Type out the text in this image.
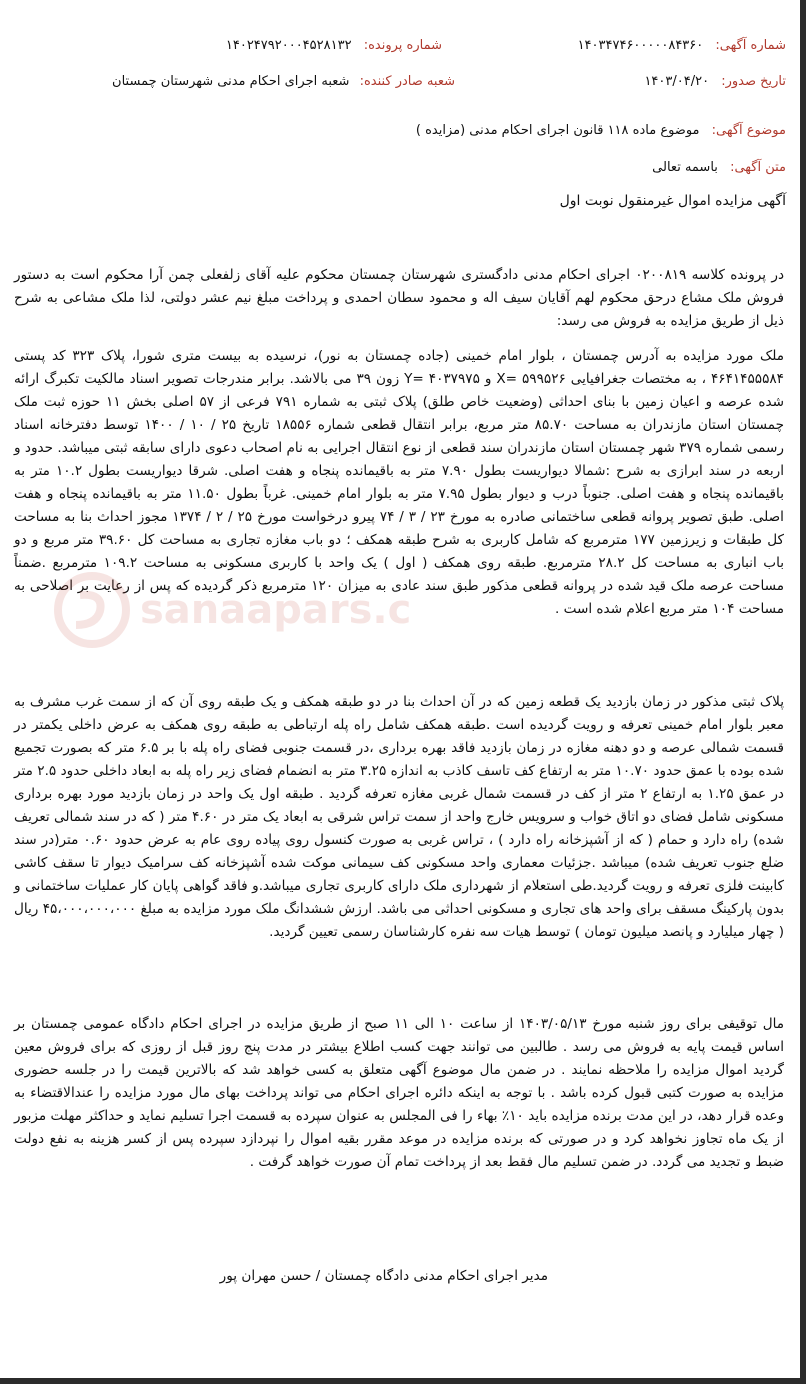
شماره آگهی: ۱۴۰۳۴۷۴۶۰۰۰۰۰۸۴۳۶۰
شماره پرونده: ۱۴۰۲۴۷۹۲۰۰۰۴۵۲۸۱۳۲
تاریخ صدور: ۱۴۰۳/۰۴/۲۰
شعبه صادر کننده: شعبه اجرای احکام مدنی شهرستان چمستان
موضوع آگهی: موضوع ماده ۱۱۸ قانون اجرای احکام مدنی (مزایده )
متن آگهی: باسمه تعالی
آگهی مزایده اموال غیرمنقول نوبت اول
در پرونده کلاسه ۰۲۰۰۸۱۹ اجرای احکام مدنی دادگستری شهرستان چمستان محکوم علیه آقای زلفعلی چمن آرا محکوم است به دستور فروش ملک مشاع درحق محکوم لهم آقایان سیف اله و محمود سطان احمدی و پرداخت مبلغ نیم عشر دولتی، لذا ملک مشاعی به شرح ذیل از طریق مزایده به فروش می رسد:
ملک مورد مزایده به آدرس چمستان ، بلوار امام خمینی (جاده چمستان به نور)، نرسیده به بیست متری شورا، پلاک ۳۲۳ کد پستی ۴۶۴۱۴۵۵۵۸۴ ، به مختصات جغرافیایی ۵۹۹۵۲۶ =X و ۴۰۳۷۹۷۵ =Y زون ۳۹ می بالاشد. برابر مندرجات تصویر اسناد مالکیت تکبرگ ارائه شده عرصه و اعیان زمین با بنای احداثی (وضعیت خاص طلق) پلاک ثبتی به شماره ۷۹۱ فرعی از ۵۷ اصلی بخش ۱۱ حوزه ثبت ملک چمستان استان مازندران به مساحت ۸۵.۷۰ متر مربع، برابر انتقال قطعی شماره ۱۸۵۵۶ تاریخ ۲۵ / ۱۰ / ۱۴۰۰ توسط دفترخانه اسناد رسمی شماره ۳۷۹ شهر چمستان استان مازندران سند قطعی از نوع انتقال اجرایی به نام اصحاب دعوی دارای سابقه ثبتی میباشد. حدود و اربعه در سند ابرازی به شرح :شمالا دیواریست بطول ۷.۹۰ متر به باقیمانده پنجاه و هفت اصلی. شرقا دیواریست بطول ۱۰.۲ متر به باقیمانده پنجاه و هفت اصلی. جنوباً درب و دیوار بطول ۷.۹۵ متر به بلوار امام خمینی. غرباً بطول ۱۱.۵۰ متر به باقیمانده پنجاه و هفت اصلی. طبق تصویر پروانه قطعی ساختمانی صادره به مورخ ۲۳ / ۳ / ۷۴ پیرو درخواست مورخ ۲۵ / ۲ / ۱۳۷۴ مجوز احداث بنا به مساحت کل طبقات و زیرزمین ۱۷۷ مترمربع که شامل کاربری به شرح طبقه همکف ؛ دو باب مغازه تجاری به مساحت کل ۳۹.۶۰ متر مربع و دو باب انباری به مساحت کل ۲۸.۲ مترمربع. طبقه روی همکف ( اول ) یک واحد با کاربری مسکونی به مساحت ۱۰۹.۲ مترمربع .ضمناً مساحت عرصه ملک قید شده در پروانه قطعی مذکور طبق سند عادی به میزان ۱۲۰ مترمربع ذکر گردیده که پس از رعایت بر اصلاحی به مساحت ۱۰۴ متر مربع اعلام شده است .
پلاک ثبتی مذکور در زمان بازدید یک قطعه زمین که در آن احداث بنا در دو طبقه همکف و یک طبقه روی آن که از سمت غرب مشرف به معبر بلوار امام خمینی تعرفه و رویت گردیده است .طبقه همکف شامل راه پله ارتباطی به طبقه روی همکف به عرض داخلی یکمتر در قسمت شمالی عرصه و دو دهنه مغازه در زمان بازدید فاقد بهره برداری ،در قسمت جنوبی فضای راه پله با بر ۶.۵ متر که بصورت تجمیع شده بوده با عمق حدود ۱۰.۷۰ متر به ارتفاع کف تاسف کاذب به اندازه ۳.۲۵ متر به انضمام فضای زیر راه پله به ابعاد داخلی حدود ۲.۵ متر در عمق ۱.۲۵ به ارتفاع ۲ متر از کف در قسمت شمال غربی مغازه تعرفه گردید . طبقه اول یک واحد در زمان بازدید مورد بهره برداری مسکونی شامل فضای دو اتاق خواب و سرویس خارج واحد از سمت تراس شرقی به ابعاد یک متر در ۴.۶۰ متر ( که در سند شمالی تعریف شده) راه دارد و حمام ( که از آشپزخانه راه دارد ) ، تراس غربی به صورت کنسول روی پیاده روی عام به عرض حدود ۰.۶۰ متر(در سند ضلع جنوب تعریف شده) میباشد .جزئیات معماری واحد مسکونی کف سیمانی موکت شده آشپزخانه کف سرامیک دیوار تا سقف کاشی کابینت فلزی تعرفه و رویت گردید.طی استعلام از شهرداری ملک دارای کاربری تجاری میباشد.و فاقد گواهی پایان کار عملیات ساختمانی و بدون پارکینگ مسقف برای واحد های تجاری و مسکونی احداثی می باشد. ارزش ششدانگ ملک مورد مزایده به مبلغ ۴۵،۰۰۰،۰۰۰،۰۰۰ ریال ( چهار میلیارد و پانصد میلیون تومان ) توسط هیات سه نفره کارشناسان رسمی تعیین گردید.
مال توقیفی برای روز شنبه مورخ ۱۴۰۳/۰۵/۱۳ از ساعت ۱۰ الی ۱۱ صبح از طریق مزایده در اجرای احکام دادگاه عمومی چمستان بر اساس قیمت پایه به فروش می رسد . طالبین می توانند جهت کسب اطلاع بیشتر در مدت پنج روز قبل از روزی که برای فروش معین گردید اموال مزایده را ملاحظه نمایند . در ضمن مال موضوع آگهی متعلق به کسی خواهد شد که بالاترین قیمت را در جلسه حضوری مزایده به صورت کتبی قبول کرده باشد . با توجه به اینکه دائره اجرای احکام می تواند پرداخت بهای مال مورد مزایده را عندالاقتضاء به وعده قرار دهد، در این مدت برنده مزایده باید ۱۰٪ بهاء را فی المجلس به عنوان سپرده به قسمت اجرا تسلیم نماید و حداکثر مهلت مزبور از یک ماه تجاوز نخواهد کرد و در صورتی که برنده مزایده در موعد مقرر بقیه اموال را نپردازد سپرده پس از کسر هزینه به نفع دولت ضبط و تجدید می گردد. در ضمن تسلیم مال فقط بعد از پرداخت تمام آن صورت خواهد گرفت .
مدیر اجرای احکام مدنی دادگاه چمستان / حسن مهران پور
sanaapars.c
